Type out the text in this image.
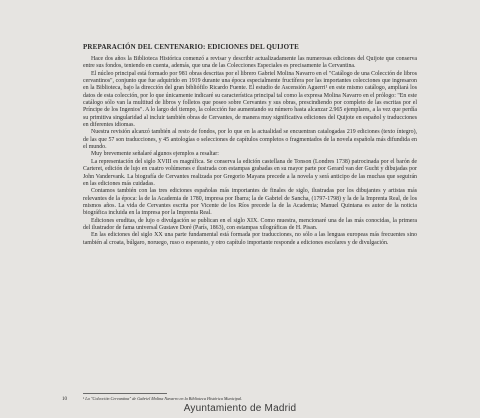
PREPARACIÓN DEL CENTENARIO: EDICIONES DEL QUIJOTE

Hace dos años la Biblioteca Histórica comenzó a revisar y describir actualizadamente las numerosas ediciones del Quijote que conserva entre sus fondos, teniendo en cuenta, además, que una de las Colecciones Especiales es precisamente la Cervantina.

El núcleo principal está formado por 981 obras descritas por el librero Gabriel Molina Navarro en el "Catálogo de una Colección de libros cervantinos", conjunto que fue adquirido en 1919 durante una época especialmente fructífera por las importantes colecciones que ingresaron en la Biblioteca, bajo la dirección del gran bibliófilo Ricardo Fuente. El estudio de Ascensión Aguerri¹ en este mismo catálogo, ampliará los datos de esta colección, por lo que únicamente indicaré su característica principal tal como la expresa Molina Navarro en el prólogo: "En este catálogo sólo van la multitud de libros y folletos que poseo sobre Cervantes y sus obras, prescindiendo por completo de las escritas por el Príncipe de los Ingenios". A lo largo del tiempo, la colección fue aumentando su número hasta alcanzar 2.965 ejemplares, a la vez que perdía su primitiva singularidad al incluir también obras de Cervantes, de manera muy significativa ediciones del Quijote en español y traducciones en diferentes idiomas.

Nuestra revisión alcanzó también al resto de fondos, por lo que en la actualidad se encuentran catalogadas 219 ediciones (texto íntegro), de las que 57 son traducciones, y 45 antologías o selecciones de capítulos completos o fragmentados de la novela española más difundida en el mundo.

Muy brevemente señalaré algunos ejemplos a resaltar:

La representación del siglo XVIII es magnífica. Se conserva la edición castellana de Tonson (Londres 1738) patrocinada por el barón de Carteret, edición de lujo en cuatro volúmenes e ilustrada con estampas grabadas en su mayor parte por Gerard van der Gucht y dibujadas por John Vandervank. La biografía de Cervantes realizada por Gregorio Mayans precede a la novela y será anticipo de las muchas que seguirán en las ediciones más cuidadas.

Contamos también con las tres ediciones españolas más importantes de finales de siglo, ilustradas por los dibujantes y artistas más relevantes de la época: la de la Academia de 1780, impresa por Ibarra; la de Gabriel de Sancha, (1797-1798) y la de la Imprenta Real, de los mismos años. La vida de Cervantes escrita por Vicente de los Ríos precede la de la Academia; Manuel Quintana es autor de la noticia biográfica incluida en la impresa por la Imprenta Real.

Ediciones eruditas, de lujo o divulgación se publican en el siglo XIX. Como muestra, mencionaré una de las más conocidas, la primera del ilustrador de fama universal Gustave Doré (París, 1863), con estampas xilográficas de H. Pisan.

En las ediciones del siglo XX una parte fundamental está formada por traducciones, no sólo a las lenguas europeas más frecuentes sino también al croata, búlgaro, noruego, ruso o esperanto, y otro capítulo importante responde a ediciones escolares y de divulgación.

¹ La "Colección Cervantina" de Gabriel Molina Navarro en la Biblioteca Histórica Municipal.
10
Ayuntamiento de Madrid
